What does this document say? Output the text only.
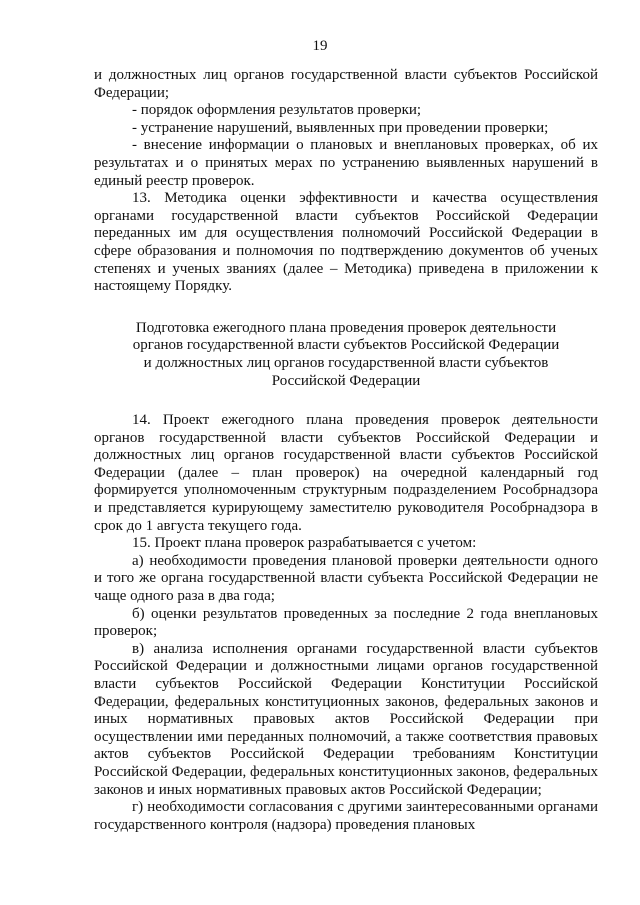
19

и должностных лиц органов государственной власти субъектов Российской Федерации;

- порядок оформления результатов проверки;

- устранение нарушений, выявленных при проведении проверки;

- внесение информации о плановых и внеплановых проверках, об их результатах и о принятых мерах по устранению выявленных нарушений в единый реестр проверок.

13. Методика оценки эффективности и качества осуществления органами государственной власти субъектов Российской Федерации переданных им для осуществления полномочий Российской Федерации в сфере образования и полномочия по подтверждению документов об ученых степенях и ученых званиях (далее – Методика) приведена в приложении к настоящему Порядку.

Подготовка ежегодного плана проведения проверок деятельности
органов государственной власти субъектов Российской Федерации
и должностных лиц органов государственной власти субъектов
Российской Федерации

14. Проект ежегодного плана проведения проверок деятельности органов государственной власти субъектов Российской Федерации и должностных лиц органов государственной власти субъектов Российской Федерации (далее – план проверок) на очередной календарный год формируется уполномоченным структурным подразделением Рособрнадзора и представляется курирующему заместителю руководителя Рособрнадзора в срок до 1 августа текущего года.

15. Проект плана проверок разрабатывается с учетом:

а) необходимости проведения плановой проверки деятельности одного и того же органа государственной власти субъекта Российской Федерации не чаще одного раза в два года;

б) оценки результатов проведенных за последние 2 года внеплановых проверок;

в) анализа исполнения органами государственной власти субъектов Российской Федерации и должностными лицами органов государственной власти субъектов Российской Федерации Конституции Российской Федерации, федеральных конституционных законов, федеральных законов и иных нормативных правовых актов Российской Федерации при осуществлении ими переданных полномочий, а также соответствия правовых актов субъектов Российской Федерации требованиям Конституции Российской Федерации, федеральных конституционных законов, федеральных законов и иных нормативных правовых актов Российской Федерации;

г) необходимости согласования с другими заинтересованными органами государственного контроля (надзора) проведения плановых
